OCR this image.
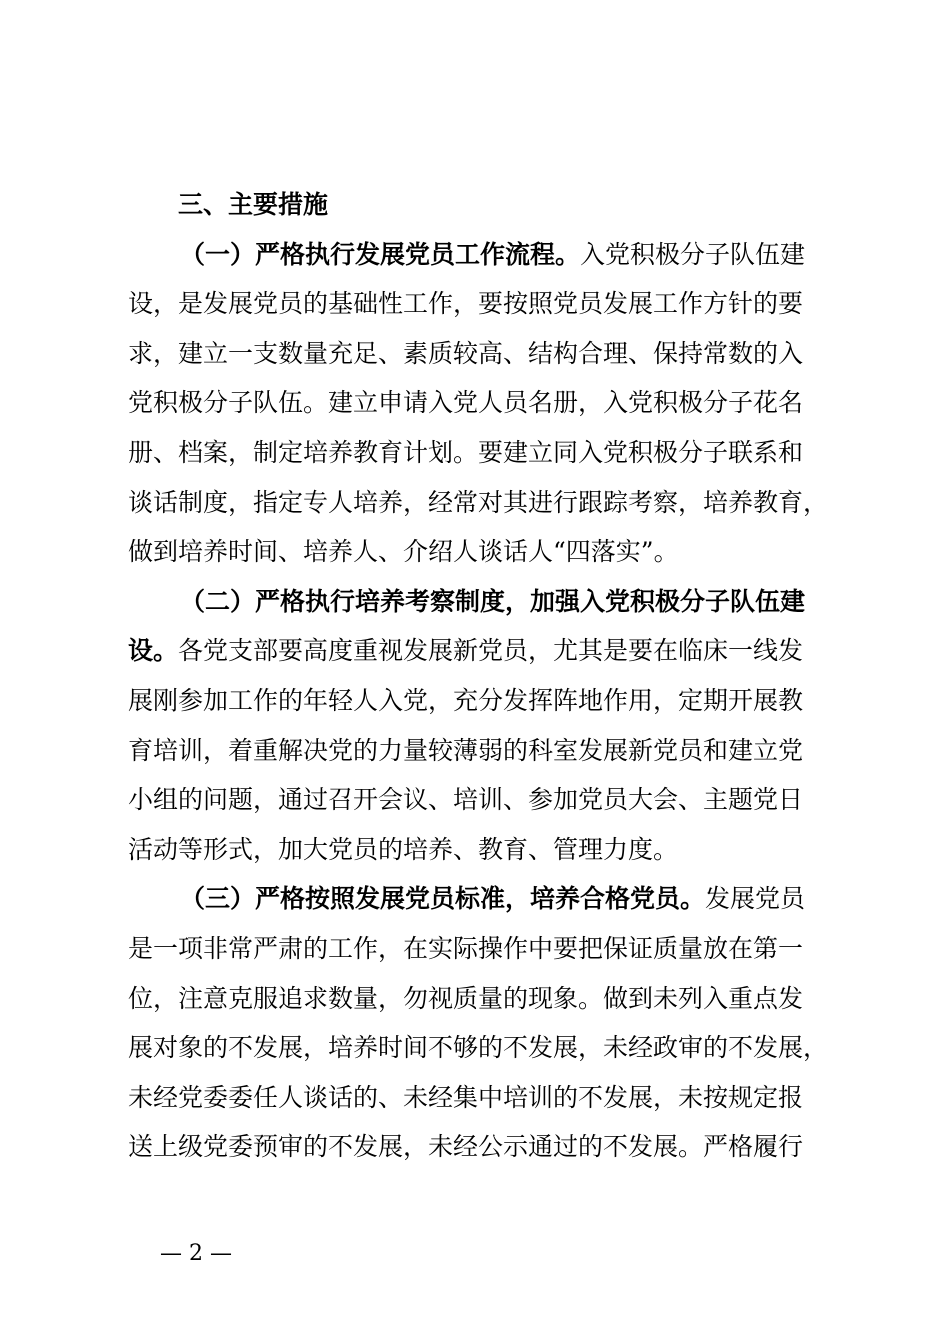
三、主要措施
（一）严格执行发展党员工作流程。入党积极分子队伍建
设，是发展党员的基础性工作，要按照党员发展工作方针的要
求，建立一支数量充足、素质较高、结构合理、保持常数的入
党积极分子队伍。建立申请入党人员名册，入党积极分子花名
册、档案，制定培养教育计划。要建立同入党积极分子联系和
谈话制度，指定专人培养，经常对其进行跟踪考察，培养教育，
做到培养时间、培养人、介绍人谈话人“四落实”。
（二）严格执行培养考察制度，加强入党积极分子队伍建
设。各党支部要高度重视发展新党员，尤其是要在临床一线发
展刚参加工作的年轻人入党，充分发挥阵地作用，定期开展教
育培训，着重解决党的力量较薄弱的科室发展新党员和建立党
小组的问题，通过召开会议、培训、参加党员大会、主题党日
活动等形式，加大党员的培养、教育、管理力度。
（三）严格按照发展党员标准，培养合格党员。发展党员
是一项非常严肃的工作，在实际操作中要把保证质量放在第一
位，注意克服追求数量，勿视质量的现象。做到未列入重点发
展对象的不发展，培养时间不够的不发展，未经政审的不发展，
未经党委委任人谈话的、未经集中培训的不发展，未按规定报
送上级党委预审的不发展，未经公示通过的不发展。严格履行
— 2 —
